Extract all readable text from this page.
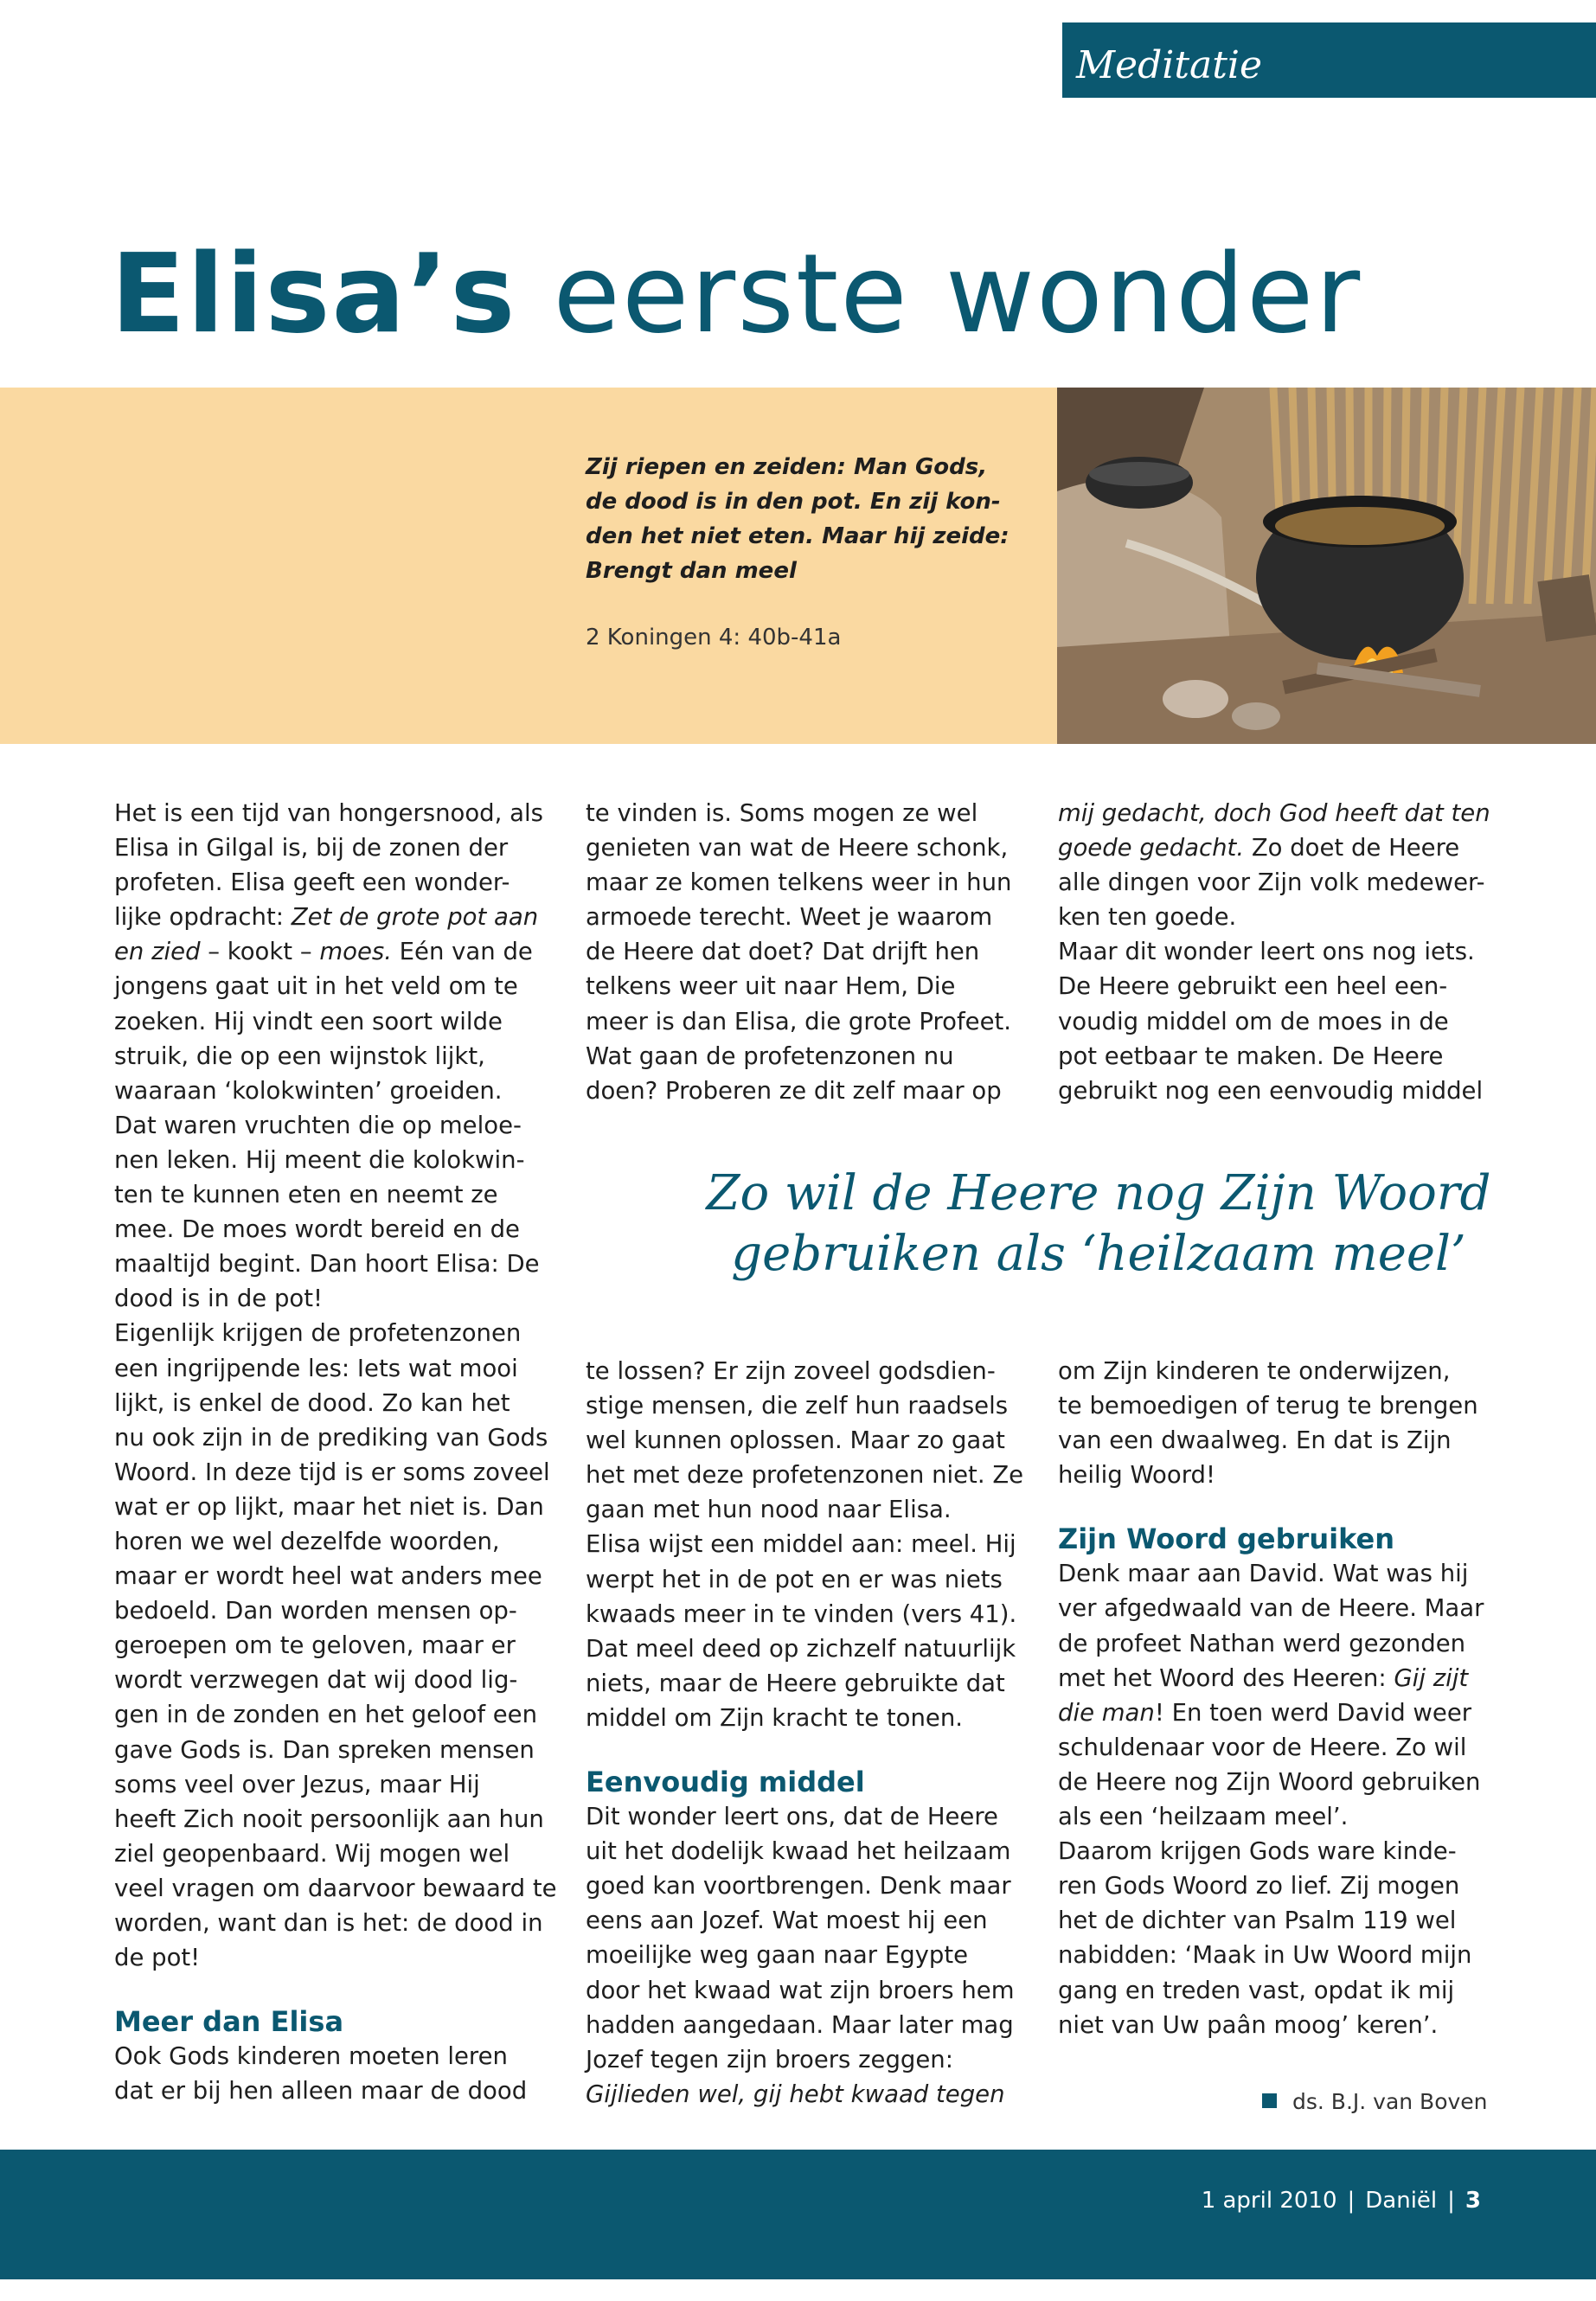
Meditatie
Elisa’s eerste wonder
Zij riepen en zeiden: Man Gods,
de dood is in den pot. En zij kon-
den het niet eten. Maar hij zeide:
Brengt dan meel
2 Koningen 4: 40b-41a
Het is een tijd van hongersnood, als
Elisa in Gilgal is, bij de zonen der
profeten. Elisa geeft een wonder-
lijke opdracht: Zet de grote pot aan
en zied – kookt – moes. Eén van de
jongens gaat uit in het veld om te
zoeken. Hij vindt een soort wilde
struik, die op een wijnstok lijkt,
waaraan ‘kolokwinten’ groeiden.
Dat waren vruchten die op meloe-
nen leken. Hij meent die kolokwin-
ten te kunnen eten en neemt ze
mee. De moes wordt bereid en de
maaltijd begint. Dan hoort Elisa: De
dood is in de pot!
Eigenlijk krijgen de profetenzonen
een ingrijpende les: Iets wat mooi
lijkt, is enkel de dood. Zo kan het
nu ook zijn in de prediking van Gods
Woord. In deze tijd is er soms zoveel
wat er op lijkt, maar het niet is. Dan
horen we wel dezelfde woorden,
maar er wordt heel wat anders mee
bedoeld. Dan worden mensen op-
geroepen om te geloven, maar er
wordt verzwegen dat wij dood lig-
gen in de zonden en het geloof een
gave Gods is. Dan spreken mensen
soms veel over Jezus, maar Hij
heeft Zich nooit persoonlijk aan hun
ziel geopenbaard. Wij mogen wel
veel vragen om daarvoor bewaard te
worden, want dan is het: de dood in
de pot!
Meer dan Elisa
Ook Gods kinderen moeten leren
dat er bij hen alleen maar de dood
te vinden is. Soms mogen ze wel
genieten van wat de Heere schonk,
maar ze komen telkens weer in hun
armoede terecht. Weet je waarom
de Heere dat doet? Dat drijft hen
telkens weer uit naar Hem, Die
meer is dan Elisa, die grote Profeet.
Wat gaan de profetenzonen nu
doen? Proberen ze dit zelf maar op
mij gedacht, doch God heeft dat ten
goede gedacht. Zo doet de Heere
alle dingen voor Zijn volk medewer-
ken ten goede.
Maar dit wonder leert ons nog iets.
De Heere gebruikt een heel een-
voudig middel om de moes in de
pot eetbaar te maken. De Heere
gebruikt nog een eenvoudig middel
Zo wil de Heere nog Zijn Woord
gebruiken als ‘heilzaam meel’
te lossen? Er zijn zoveel godsdien-
stige mensen, die zelf hun raadsels
wel kunnen oplossen. Maar zo gaat
het met deze profetenzonen niet. Ze
gaan met hun nood naar Elisa.
Elisa wijst een middel aan: meel. Hij
werpt het in de pot en er was niets
kwaads meer in te vinden (vers 41).
Dat meel deed op zichzelf natuurlijk
niets, maar de Heere gebruikte dat
middel om Zijn kracht te tonen.
Eenvoudig middel
Dit wonder leert ons, dat de Heere
uit het dodelijk kwaad het heilzaam
goed kan voortbrengen. Denk maar
eens aan Jozef. Wat moest hij een
moeilijke weg gaan naar Egypte
door het kwaad wat zijn broers hem
hadden aangedaan. Maar later mag
Jozef tegen zijn broers zeggen:
Gijlieden wel, gij hebt kwaad tegen
om Zijn kinderen te onderwijzen,
te bemoedigen of terug te brengen
van een dwaalweg. En dat is Zijn
heilig Woord!
Zijn Woord gebruiken
Denk maar aan David. Wat was hij
ver afgedwaald van de Heere. Maar
de profeet Nathan werd gezonden
met het Woord des Heeren: Gij zijt
die man! En toen werd David weer
schuldenaar voor de Heere. Zo wil
de Heere nog Zijn Woord gebruiken
als een ‘heilzaam meel’.
Daarom krijgen Gods ware kinde-
ren Gods Woord zo lief. Zij mogen
het de dichter van Psalm 119 wel
nabidden: ‘Maak in Uw Woord mijn
gang en treden vast, opdat ik mij
niet van Uw paân moog’ keren’.
ds. B.J. van Boven
1 april 2010 | Daniël | 3
